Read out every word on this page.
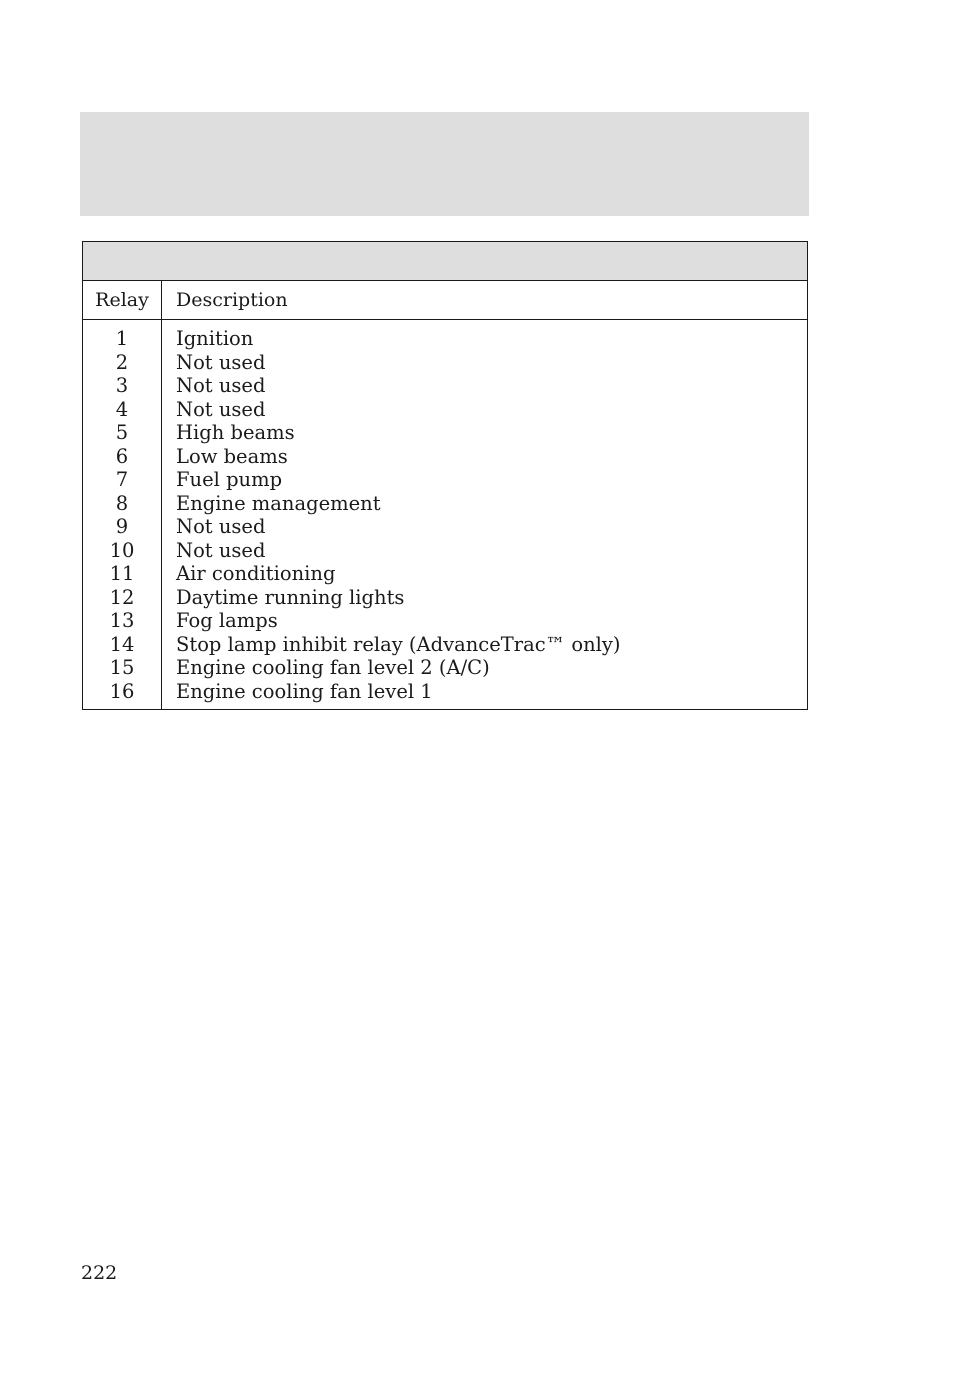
Relay	Description
1
2
3
4
5
6
7
8
9
10
11
12
13
14
15
16
Ignition
Not used
Not used
Not used
High beams
Low beams
Fuel pump
Engine management
Not used
Not used
Air conditioning
Daytime running lights
Fog lamps
Stop lamp inhibit relay (AdvanceTrac™ only)
Engine cooling fan level 2 (A/C)
Engine cooling fan level 1
222
